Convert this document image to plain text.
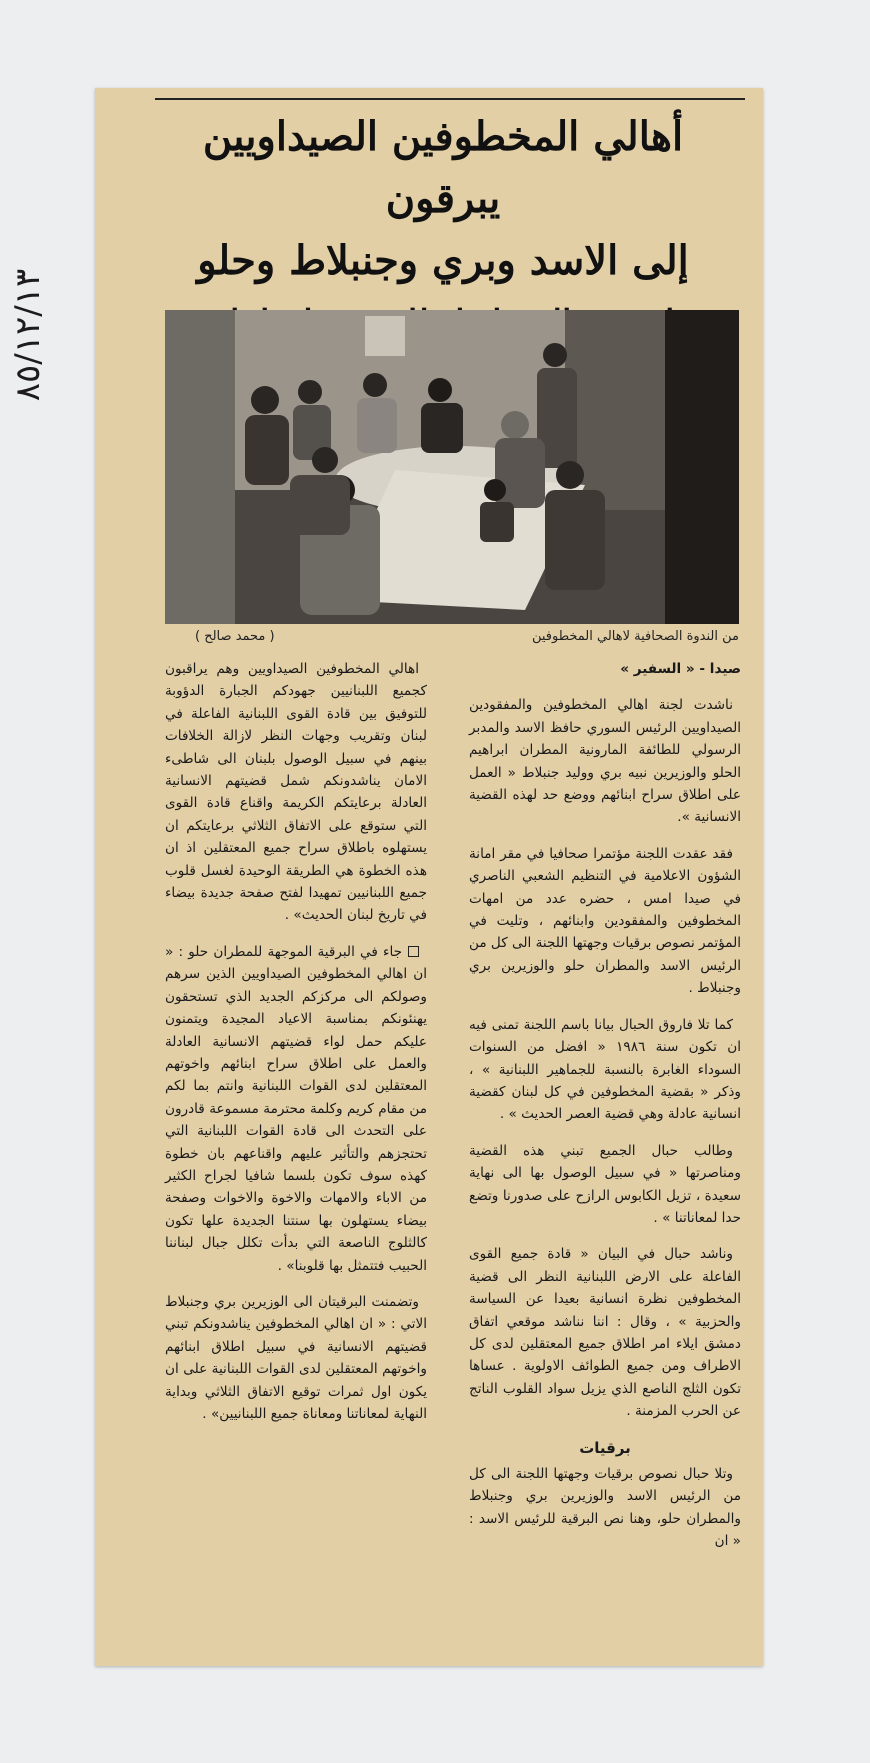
٨٥/١٢/١٣
أهالي المخطوفين الصيداويين يبرقون
إلى الاسد وبري وجنبلاط وحلو
من الندوة الصحافية لاهالي المخطوفين
( محمد صالح )

صيدا - « السفير »

ناشدت لجنة اهالي المخطوفين والمفقودين الصيداويين الرئيس السوري حافظ الاسد والمدبر الرسولي للطائفة المارونية المطران ابراهيم الحلو والوزيرين نبيه بري ووليد جنبلاط « العمل على اطلاق سراح ابنائهم ووضع حد لهذه القضية الانسانية ».

فقد عقدت اللجنة مؤتمرا صحافيا في مقر امانة الشؤون الاعلامية في التنظيم الشعبي الناصري في صيدا امس ، حضره عدد من امهات المخطوفين والمفقودين وابنائهم ، وتليت في المؤتمر نصوص برقيات وجهتها اللجنة الى كل من الرئيس الاسد والمطران حلو والوزيرين بري وجنبلاط .

كما تلا فاروق الحبال بيانا باسم اللجنة تمنى فيه ان تكون سنة ١٩٨٦ « افضل من السنوات السوداء الغابرة بالنسبة للجماهير اللبنانية » ، وذكر « بقضية المخطوفين في كل لبنان كقضية انسانية عادلة وهي قضية العصر الحديث » .

وطالب حبال الجميع تبني هذه القضية ومناصرتها « في سبيل الوصول بها الى نهاية سعيدة ، تزيل الكابوس الرازح على صدورنا وتضع حدا لمعاناتنا » .

وناشد حبال في البيان « قادة جميع القوى الفاعلة على الارض اللبنانية النظر الى قضية المخطوفين نظرة انسانية بعيدا عن السياسة والحزبية » ، وقال : اننا نناشد موقعي اتفاق دمشق ايلاء امر اطلاق جميع المعتقلين لدى كل الاطراف ومن جميع الطوائف الاولوية . عساها تكون الثلج الناصع الذي يزيل سواد القلوب الناتج عن الحرب المزمنة .

برقيات

وتلا حبال نصوص برقيات وجهتها اللجنة الى كل من الرئيس الاسد والوزيرين بري وجنبلاط والمطران حلو، وهنا نص البرقية للرئيس الاسد : « ان

اهالي المخطوفين الصيداويين وهم يراقبون كجميع اللبنانيين جهودكم الجبارة الدؤوبة للتوفيق بين قادة القوى اللبنانية الفاعلة في لبنان وتقريب وجهات النظر لازالة الخلافات بينهم في سبيل الوصول بلبنان الى شاطىء الامان يناشدونكم شمل قضيتهم الانسانية العادلة برعايتكم الكريمة واقناع قادة القوى التي ستوقع على الاتفاق الثلاثي برعايتكم ان يستهلوه باطلاق سراح جميع المعتقلين اذ ان هذه الخطوة هي الطريقة الوحيدة لغسل قلوب جميع اللبنانيين تمهيدا لفتح صفحة جديدة بيضاء في تاريخ لبنان الحديث» .

جاء في البرقية الموجهة للمطران حلو : « ان اهالي المخطوفين الصيداويين الذين سرهم وصولكم الى مركزكم الجديد الذي تستحقون يهنئونكم بمناسبة الاعياد المجيدة ويتمنون عليكم حمل لواء قضيتهم الانسانية العادلة والعمل على اطلاق سراح ابنائهم واخوتهم المعتقلين لدى القوات اللبنانية وانتم بما لكم من مقام كريم وكلمة محترمة مسموعة قادرون على التحدث الى قادة القوات اللبنانية التي تحتجزهم والتأثير عليهم واقناعهم بان خطوة كهذه سوف تكون بلسما شافيا لجراح الكثير من الاباء والامهات والاخوة والاخوات وصفحة بيضاء يستهلون بها سنتنا الجديدة علها تكون كالثلوج الناصعة التي بدأت تكلل جبال لبناننا الحبيب فتتمثل بها قلوبنا» .

وتضمنت البرقيتان الى الوزيرين بري وجنبلاط الاتي : « ان اهالي المخطوفين يناشدونكم تبني قضيتهم الانسانية في سبيل اطلاق ابنائهم واخوتهم المعتقلين لدى القوات اللبنانية على ان يكون اول ثمرات توقيع الاتفاق الثلاثي وبداية النهاية لمعاناتنا ومعاناة جميع اللبنانيين» .
